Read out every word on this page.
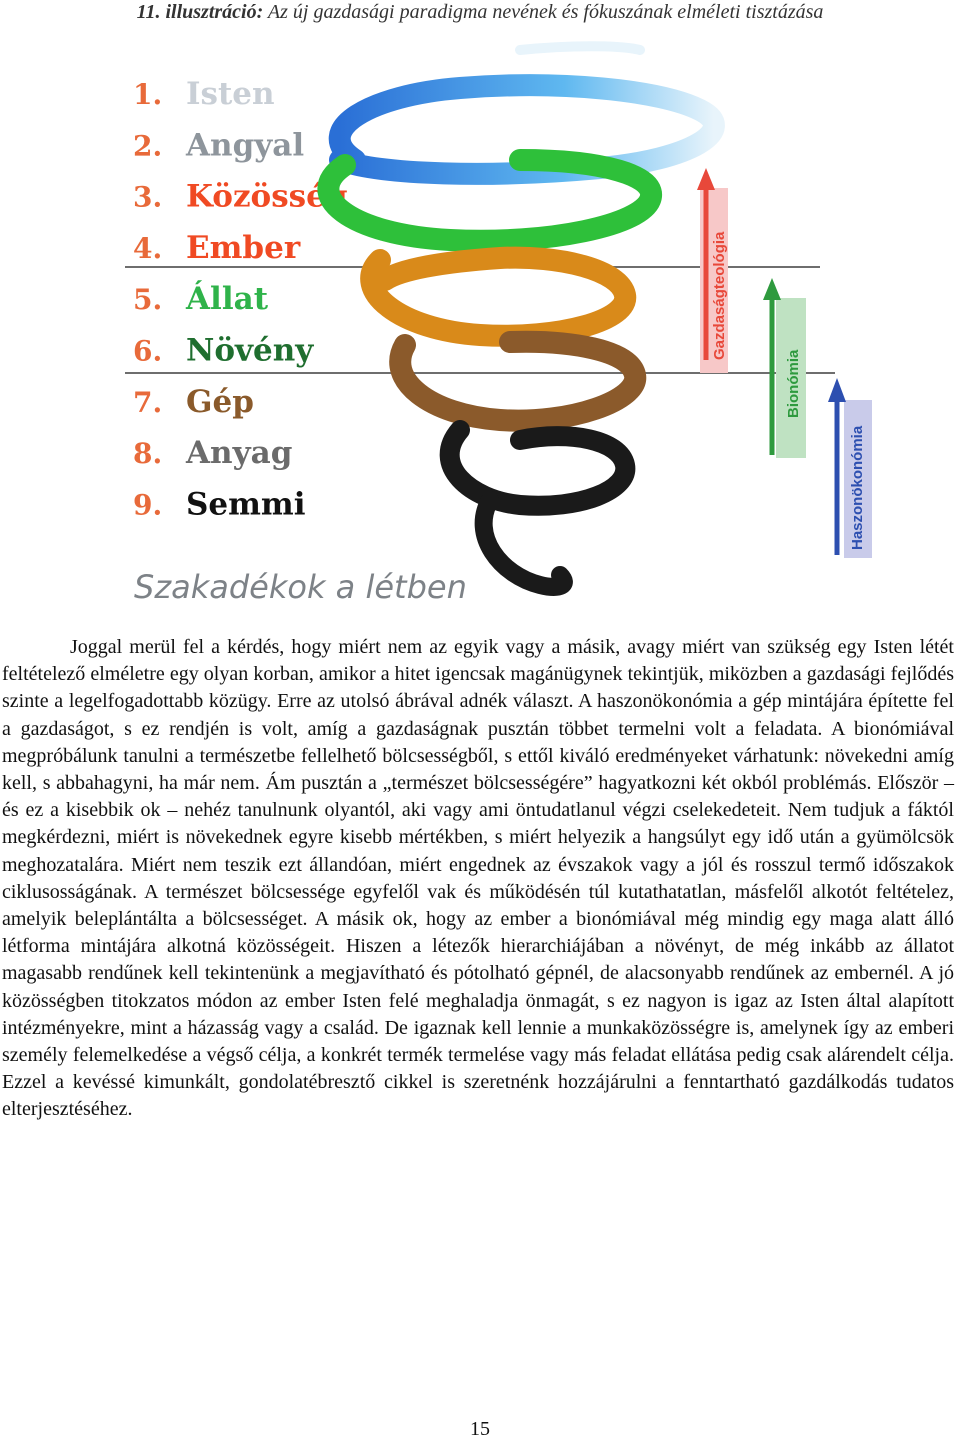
11. illusztráció: Az új gazdasági paradigma nevének és fókuszának elméleti tisztázása
1. Isten
2. Angyal
3. Közösség
4. Ember
5. Állat
6. Növény
7. Gép
8. Anyag
9. Semmi
Gazdaságteológia
Bionómia
Haszonökonómia
Szakadékok a létben

Joggal merül fel a kérdés, hogy miért nem az egyik vagy a másik, avagy miért van szükség egy Isten létét feltételező elméletre egy olyan korban, amikor a hitet igencsak magánügynek tekintjük, miközben a gazdasági fejlődés szinte a legelfogadottabb közügy. Erre az utolsó ábrával adnék választ. A haszonökonómia a gép mintájára építette fel a gazdaságot, s ez rendjén is volt, amíg a gazdaságnak pusztán többet termelni volt a feladata. A bionómiával megpróbálunk tanulni a természetbe fellelhető bölcsességből, s ettől kiváló eredményeket várhatunk: növekedni amíg kell, s abbahagyni, ha már nem. Ám pusztán a „természet bölcsességére” hagyatkozni két okból problémás. Először – és ez a kisebbik ok – nehéz tanulnunk olyantól, aki vagy ami öntudatlanul végzi cselekedeteit. Nem tudjuk a fáktól megkérdezni, miért is növekednek egyre kisebb mértékben, s miért helyezik a hangsúlyt egy idő után a gyümölcsök meghozatalára. Miért nem teszik ezt állandóan, miért engednek az évszakok vagy a jól és rosszul termő időszakok ciklusosságának. A természet bölcsessége egyfelől vak és működésén túl kutathatatlan, másfelől alkotót feltételez, amelyik beleplántálta a bölcsességet. A másik ok, hogy az ember a bionómiával még mindig egy maga alatt álló létforma mintájára alkotná közösségeit. Hiszen a létezők hierarchiájában a növényt, de még inkább az állatot magasabb rendűnek kell tekintenünk a megjavítható és pótolható gépnél, de alacsonyabb rendűnek az embernél. A jó közösségben titokzatos módon az ember Isten felé meghaladja önmagát, s ez nagyon is igaz az Isten által alapított intézményekre, mint a házasság vagy a család. De igaznak kell lennie a munkaközösségre is, amelynek így az emberi személy felemelkedése a végső célja, a konkrét termék termelése vagy más feladat ellátása pedig csak alárendelt célja. Ezzel a kevéssé kimunkált, gondolatébresztő cikkel is szeretnénk hozzájárulni a fenntartható gazdálkodás tudatos elterjesztéséhez.

15
